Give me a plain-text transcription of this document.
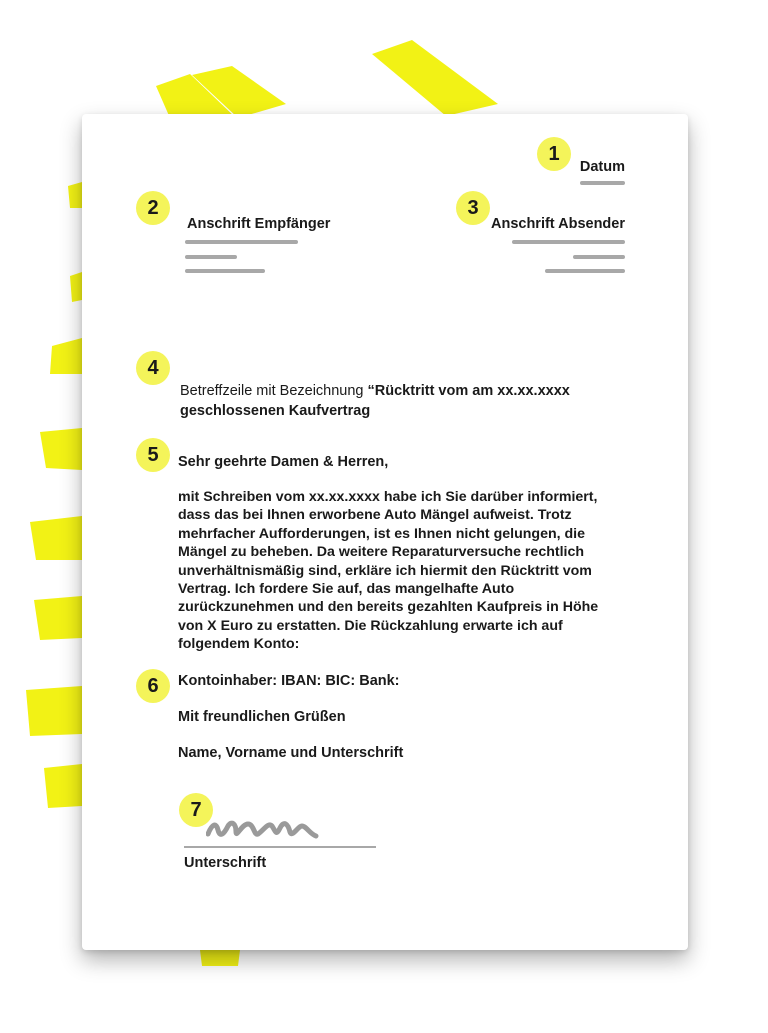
1
Datum
2
Anschrift Empfänger
3
Anschrift Absender
4
Betreffzeile mit Bezeichnung “Rücktritt vom am xx.xx.xxxx
geschlossenen Kaufvertrag
5	Sehr geehrte Damen & Herren,
mit Schreiben vom xx.xx.xxxx habe ich Sie darüber informiert,
dass das bei Ihnen erworbene Auto Mängel aufweist. Trotz
mehrfacher Aufforderungen, ist es Ihnen nicht gelungen, die
Mängel zu beheben. Da weitere Reparaturversuche rechtlich
unverhältnismäßig sind, erkläre ich hiermit den Rücktritt vom
Vertrag. Ich fordere Sie auf, das mangelhafte Auto
zurückzunehmen und den bereits gezahlten Kaufpreis in Höhe
von X Euro zu erstatten. Die Rückzahlung erwarte ich auf
folgendem Konto:
6	Kontoinhaber: IBAN: BIC: Bank:
Mit freundlichen Grüßen
Name, Vorname und Unterschrift
7
Unterschrift
